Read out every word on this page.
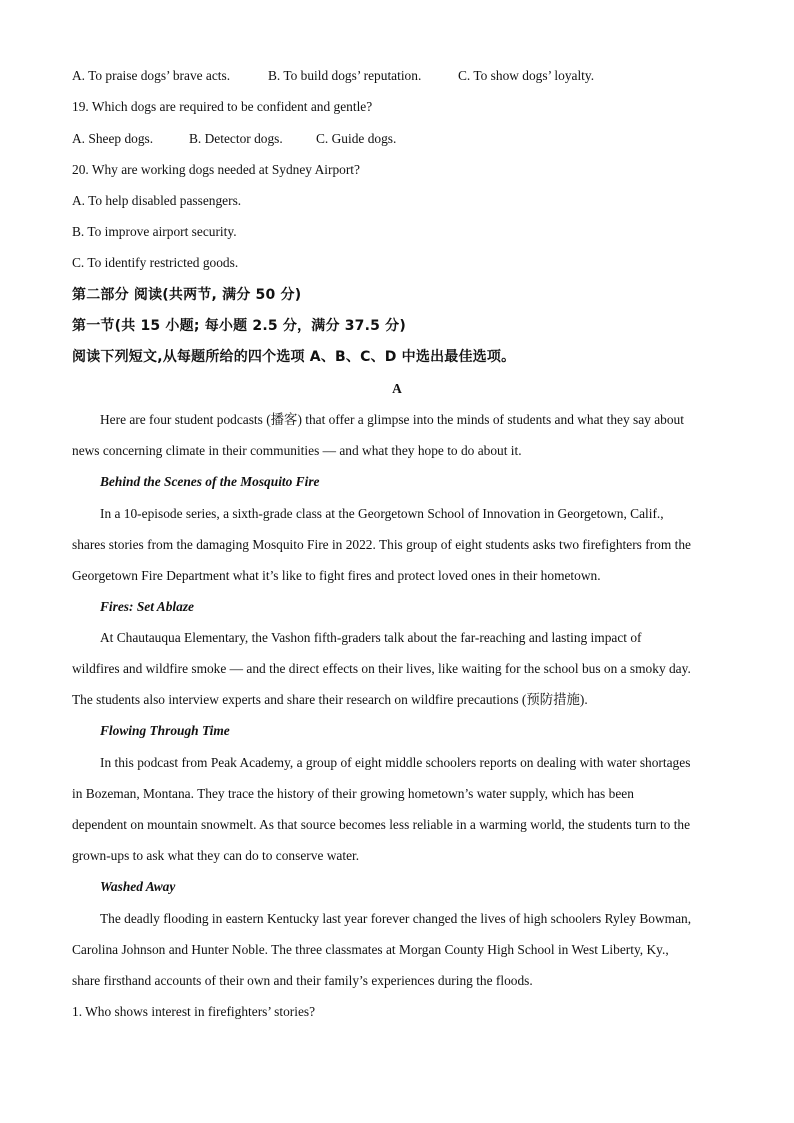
A. To praise dogs’ brave acts.	B. To build dogs’ reputation.	C. To show dogs’ loyalty.
19. Which dogs are required to be confident and gentle?
A. Sheep dogs.	B. Detector dogs. C. Guide dogs.
20. Why are working dogs needed at Sydney Airport?
A. To help disabled passengers.
B. To improve airport security.
C. To identify restricted goods.
第二部分 阅读(共两节, 满分 50 分)
第一节(共 15 小题; 每小题 2.5 分，满分 37.5 分)
阅读下列短文,从每题所给的四个选项 A、B、C、D 中选出最佳选项。
A
Here are four student podcasts (播客) that offer a glimpse into the minds of students and what they say about
news concerning climate in their communities — and what they hope to do about it.
Behind the Scenes of the Mosquito Fire
In a 10-episode series, a sixth-grade class at the Georgetown School of Innovation in Georgetown, Calif.,
shares stories from the damaging Mosquito Fire in 2022. This group of eight students asks two firefighters from the
Georgetown Fire Department what it’s like to fight fires and protect loved ones in their hometown.
Fires: Set Ablaze
At Chautauqua Elementary, the Vashon fifth-graders talk about the far-reaching and lasting impact of
wildfires and wildfire smoke — and the direct effects on their lives, like waiting for the school bus on a smoky day.
The students also interview experts and share their research on wildfire precautions (预防措施).
Flowing Through Time
In this podcast from Peak Academy, a group of eight middle schoolers reports on dealing with water shortages
in Bozeman, Montana. They trace the history of their growing hometown’s water supply, which has been
dependent on mountain snowmelt. As that source becomes less reliable in a warming world, the students turn to the
grown-ups to ask what they can do to conserve water.
Washed Away
The deadly flooding in eastern Kentucky last year forever changed the lives of high schoolers Ryley Bowman,
Carolina Johnson and Hunter Noble. The three classmates at Morgan County High School in West Liberty, Ky.,
share firsthand accounts of their own and their family’s experiences during the floods.
1. Who shows interest in firefighters’ stories?
